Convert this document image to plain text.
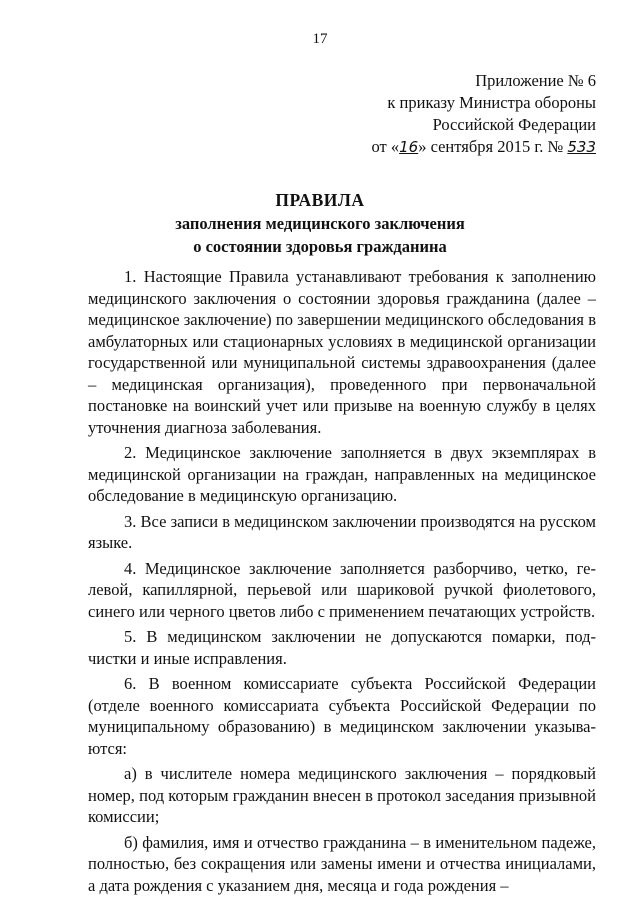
17
Приложение № 6
к приказу Министра обороны
Российской Федерации
от «16» сентября 2015 г. № 533
ПРАВИЛА
заполнения медицинского заключения
о состоянии здоровья гражданина

1. Настоящие Правила устанавливают требования к заполнению медицинского заключения о состоянии здоровья гражданина (далее – медицинское заключение) по завершении медицинского обследования в амбулаторных или стационарных условиях в медицинской организации государственной или муниципальной системы здравоохранения (далее – медицинская организация), проведенного при первоначальной постановке на воинский учет или призыве на военную службу в целях уточнения диагноза заболевания.

2. Медицинское заключение заполняется в двух экземплярах в медицинской организации на граждан, направленных на медицинское обследование в медицинскую организацию.

3. Все записи в медицинском заключении производятся на русском языке.

4. Медицинское заключение заполняется разборчиво, четко, гелевой, капиллярной, перьевой или шариковой ручкой фиолетового, синего или черного цветов либо с применением печатающих устройств.

5. В медицинском заключении не допускаются помарки, подчистки и иные исправления.

6. В военном комиссариате субъекта Российской Федерации (отделе военного комиссариата субъекта Российской Федерации по муниципальному образованию) в медицинском заключении указываются:

а) в числителе номера медицинского заключения – порядковый номер, под которым гражданин внесен в протокол заседания призывной комиссии;

б) фамилия, имя и отчество гражданина – в именительном падеже, полностью, без сокращения или замены имени и отчества инициалами, а дата рождения с указанием дня, месяца и года рождения –
